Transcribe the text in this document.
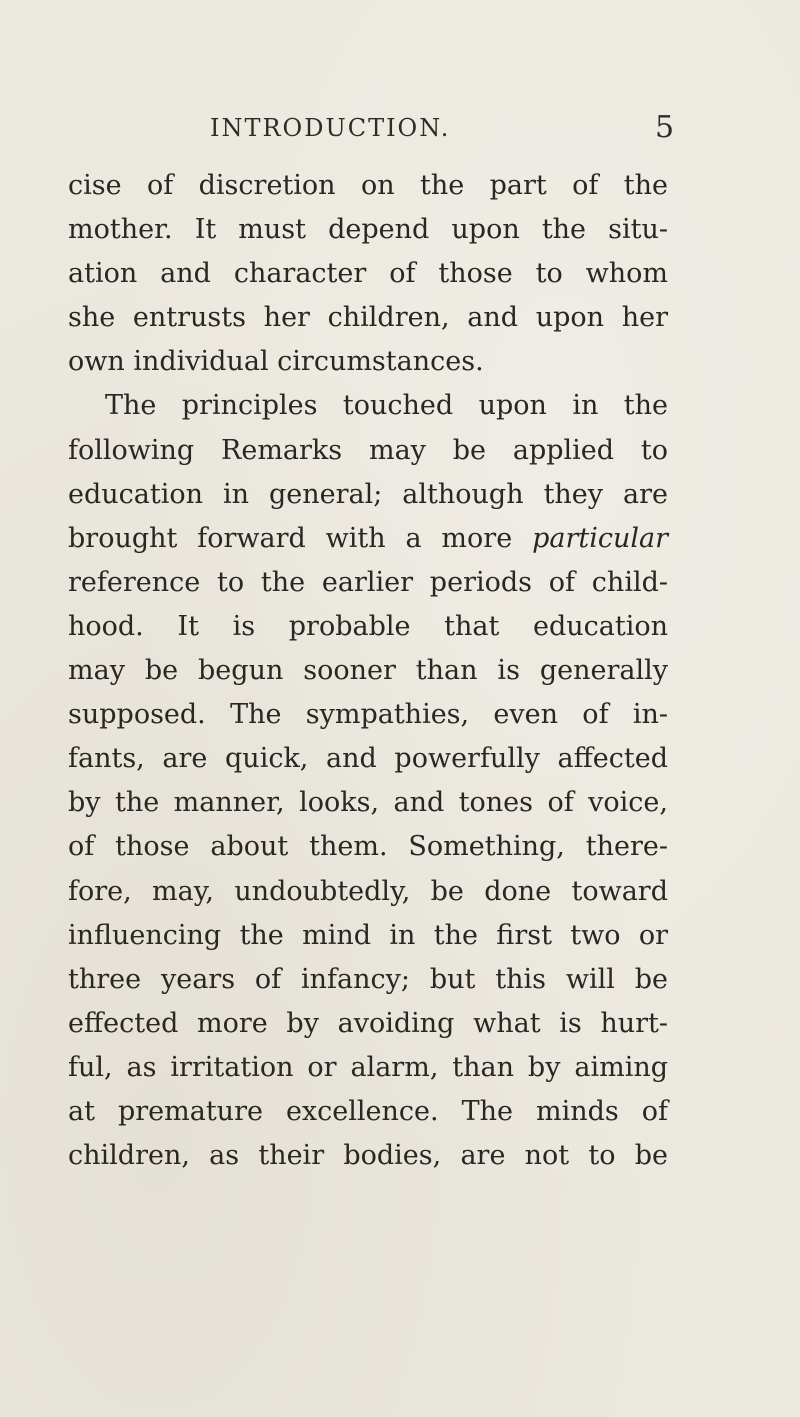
INTRODUCTION.	5
cise of discretion on the part of the
mother. It must depend upon the situ-
ation and character of those to whom
she entrusts her children, and upon her
own individual circumstances.
The principles touched upon in the
following Remarks may be applied to
education in general; although they are
brought forward with a more particular
reference to the earlier periods of child-
hood. It is probable that education
may be begun sooner than is generally
supposed. The sympathies, even of in-
fants, are quick, and powerfully affected
by the manner, looks, and tones of voice,
of those about them. Something, there-
fore, may, undoubtedly, be done toward
influencing the mind in the first two or
three years of infancy; but this will be
effected more by avoiding what is hurt-
ful, as irritation or alarm, than by aiming
at premature excellence. The minds of
children, as their bodies, are not to be
